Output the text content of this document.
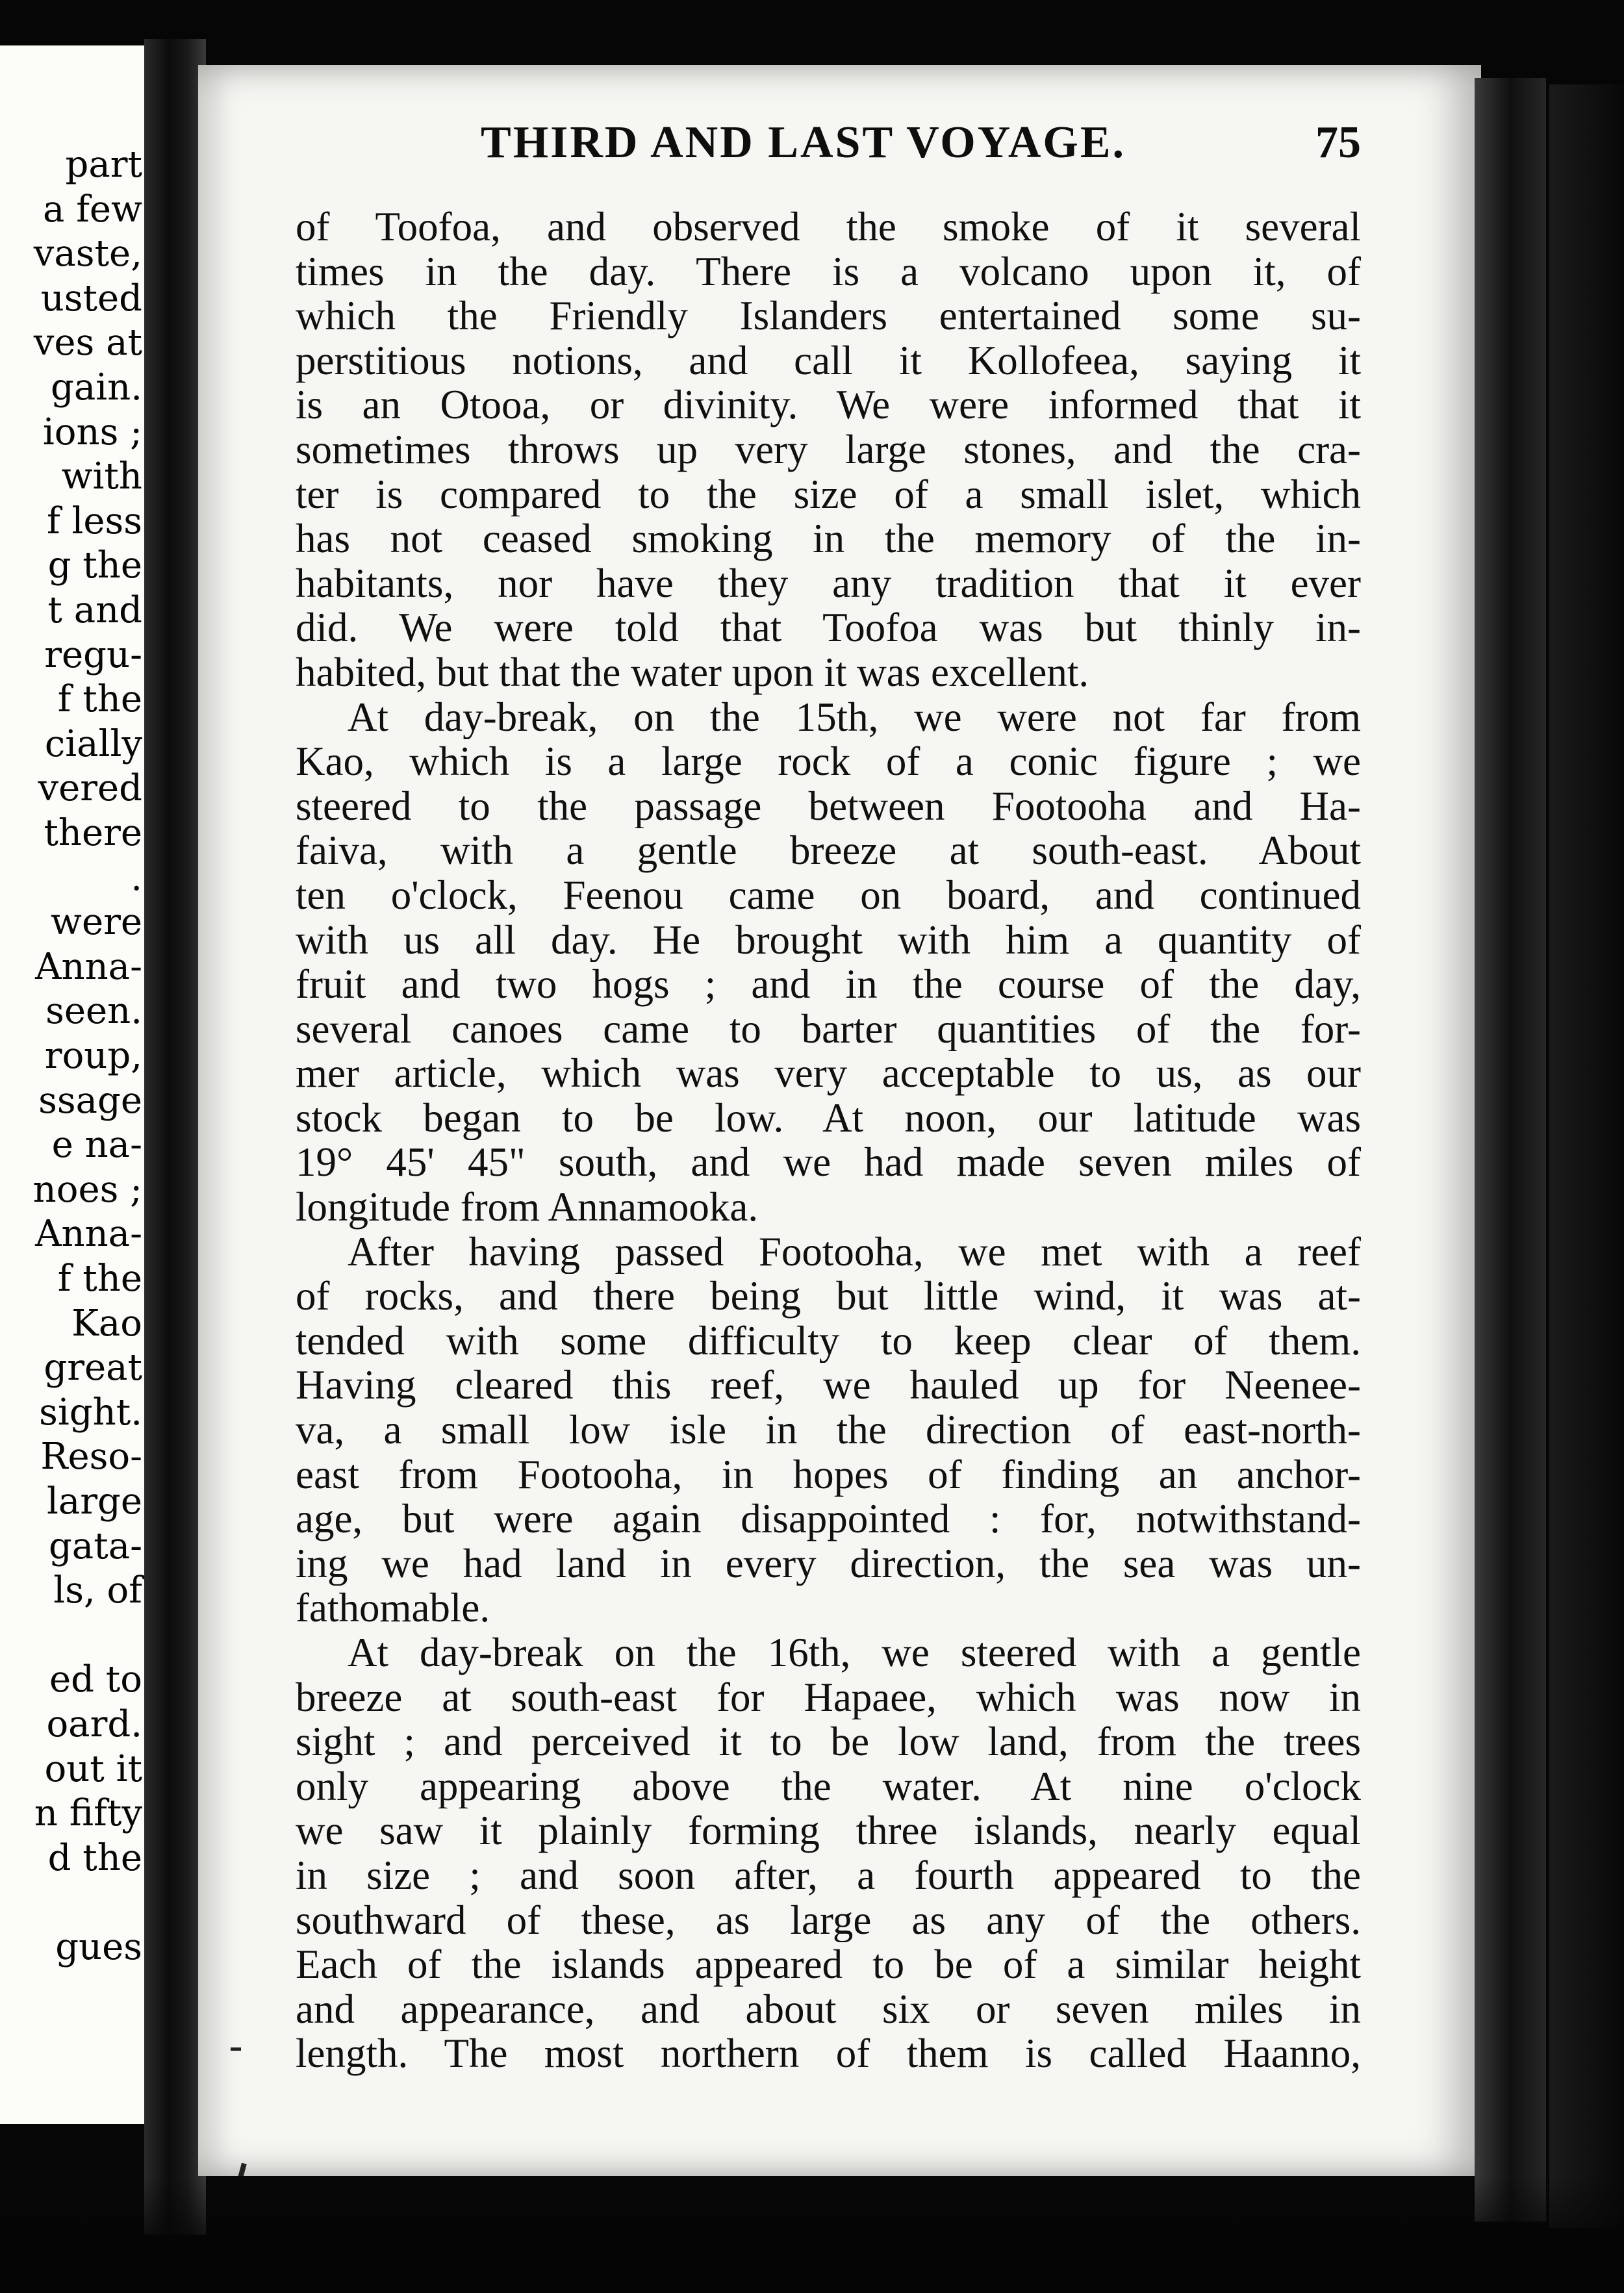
part
a few
vaste,
usted
ves at
gain.
ions ;
with
f less
g the
t and
regu-
f the
cially
vered
there
.
were
Anna-
seen.
roup,
ssage
e na-
noes ;
Anna-
f the
Kao
great
sight.
Reso-
large
gata-
ls, of
ed to
oard.
out it
n fifty
d the
gues
THIRD AND LAST VOYAGE.	75
of Toofoa, and observed the smoke of it several
times in the day. There is a volcano upon it, of
which the Friendly Islanders entertained some su-
perstitious notions, and call it Kollofeea, saying it
is an Otooa, or divinity. We were informed that it
sometimes throws up very large stones, and the cra-
ter is compared to the size of a small islet, which
has not ceased smoking in the memory of the in-
habitants, nor have they any tradition that it ever
did. We were told that Toofoa was but thinly in-
habited, but that the water upon it was excellent.
At day-break, on the 15th, we were not far from
Kao, which is a large rock of a conic figure ; we
steered to the passage between Footooha and Ha-
faiva, with a gentle breeze at south-east. About
ten o'clock, Feenou came on board, and continued
with us all day. He brought with him a quantity of
fruit and two hogs ; and in the course of the day,
several canoes came to barter quantities of the for-
mer article, which was very acceptable to us, as our
stock began to be low. At noon, our latitude was
19° 45' 45" south, and we had made seven miles of
longitude from Annamooka.
After having passed Footooha, we met with a reef
of rocks, and there being but little wind, it was at-
tended with some difficulty to keep clear of them.
Having cleared this reef, we hauled up for Neenee-
va, a small low isle in the direction of east-north-
east from Footooha, in hopes of finding an anchor-
age, but were again disappointed : for, notwithstand-
ing we had land in every direction, the sea was un-
fathomable.
At day-break on the 16th, we steered with a gentle
breeze at south-east for Hapaee, which was now in
sight ; and perceived it to be low land, from the trees
only appearing above the water. At nine o'clock
we saw it plainly forming three islands, nearly equal
in size ; and soon after, a fourth appeared to the
southward of these, as large as any of the others.
Each of the islands appeared to be of a similar height
and appearance, and about six or seven miles in
length. The most northern of them is called Haanno,
